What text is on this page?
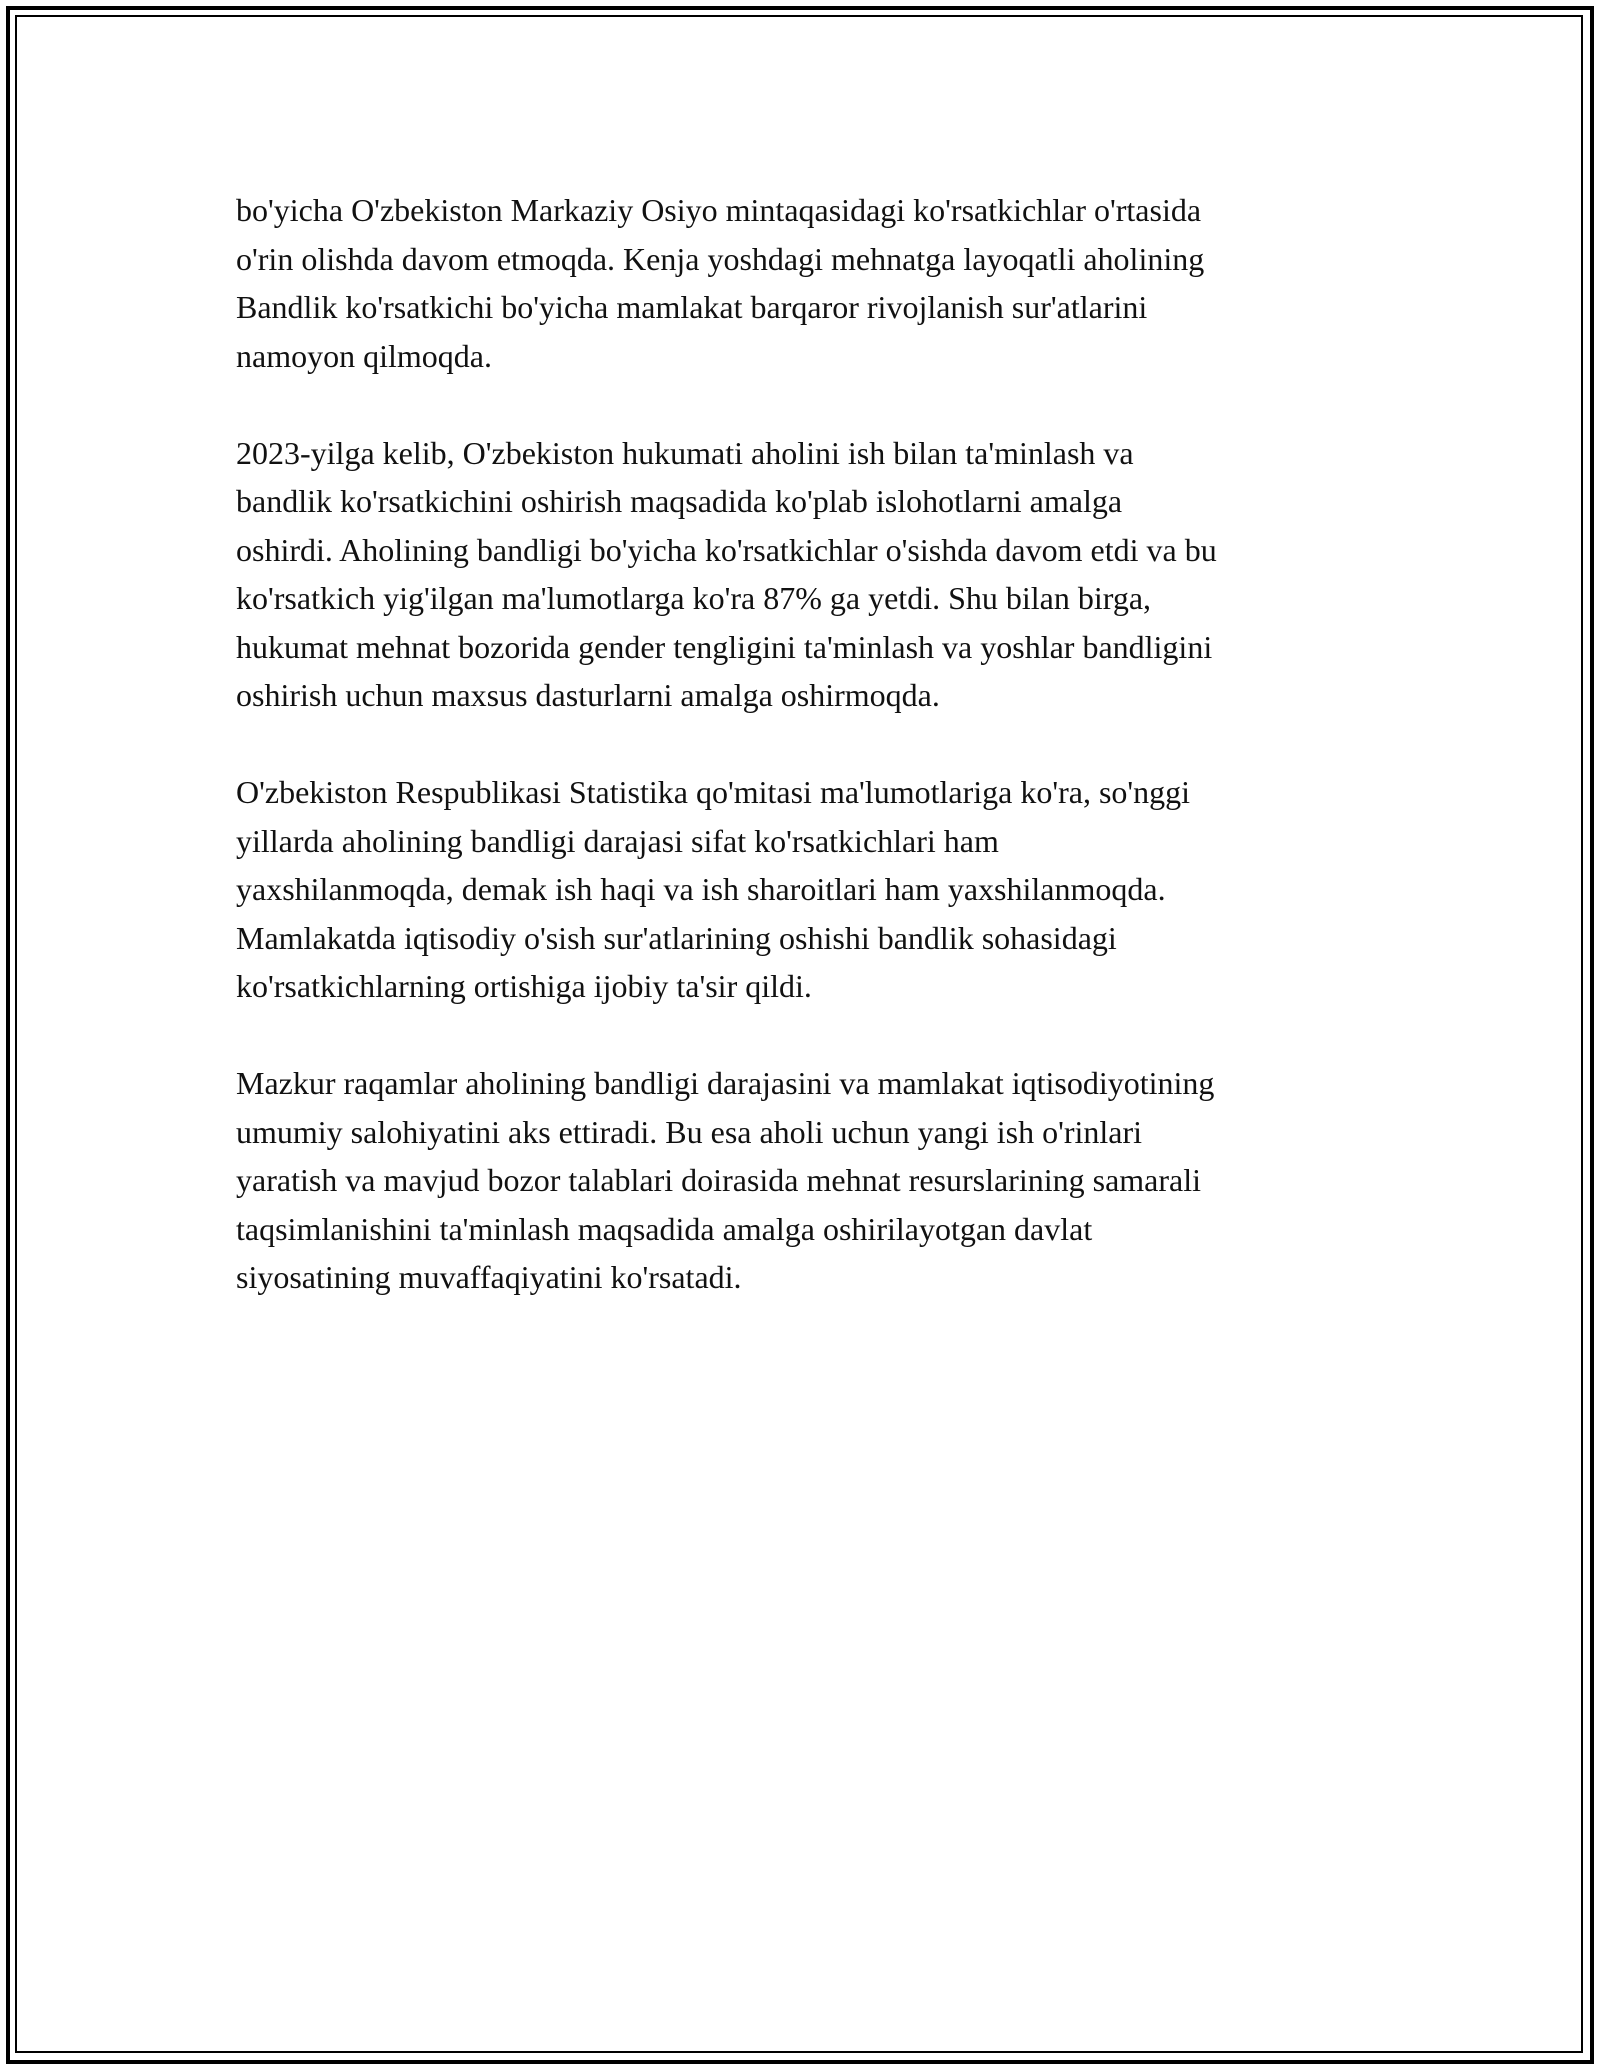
bo'yicha O'zbekiston Markaziy Osiyo mintaqasidagi ko'rsatkichlar o'rtasida
o'rin olishda davom etmoqda. Kenja yoshdagi mehnatga layoqatli aholining
Bandlik ko'rsatkichi bo'yicha mamlakat barqaror rivojlanish sur'atlarini
namoyon qilmoqda.

2023-yilga kelib, O'zbekiston hukumati aholini ish bilan ta'minlash va
bandlik ko'rsatkichini oshirish maqsadida ko'plab islohotlarni amalga
oshirdi. Aholining bandligi bo'yicha ko'rsatkichlar o'sishda davom etdi va bu
ko'rsatkich yig'ilgan ma'lumotlarga ko'ra 87% ga yetdi. Shu bilan birga,
hukumat mehnat bozorida gender tengligini ta'minlash va yoshlar bandligini
oshirish uchun maxsus dasturlarni amalga oshirmoqda.

O'zbekiston Respublikasi Statistika qo'mitasi ma'lumotlariga ko'ra, so'nggi
yillarda aholining bandligi darajasi sifat ko'rsatkichlari ham
yaxshilanmoqda, demak ish haqi va ish sharoitlari ham yaxshilanmoqda.
Mamlakatda iqtisodiy o'sish sur'atlarining oshishi bandlik sohasidagi
ko'rsatkichlarning ortishiga ijobiy ta'sir qildi.

Mazkur raqamlar aholining bandligi darajasini va mamlakat iqtisodiyotining
umumiy salohiyatini aks ettiradi. Bu esa aholi uchun yangi ish o'rinlari
yaratish va mavjud bozor talablari doirasida mehnat resurslarining samarali
taqsimlanishini ta'minlash maqsadida amalga oshirilayotgan davlat
siyosatining muvaffaqiyatini ko'rsatadi.
